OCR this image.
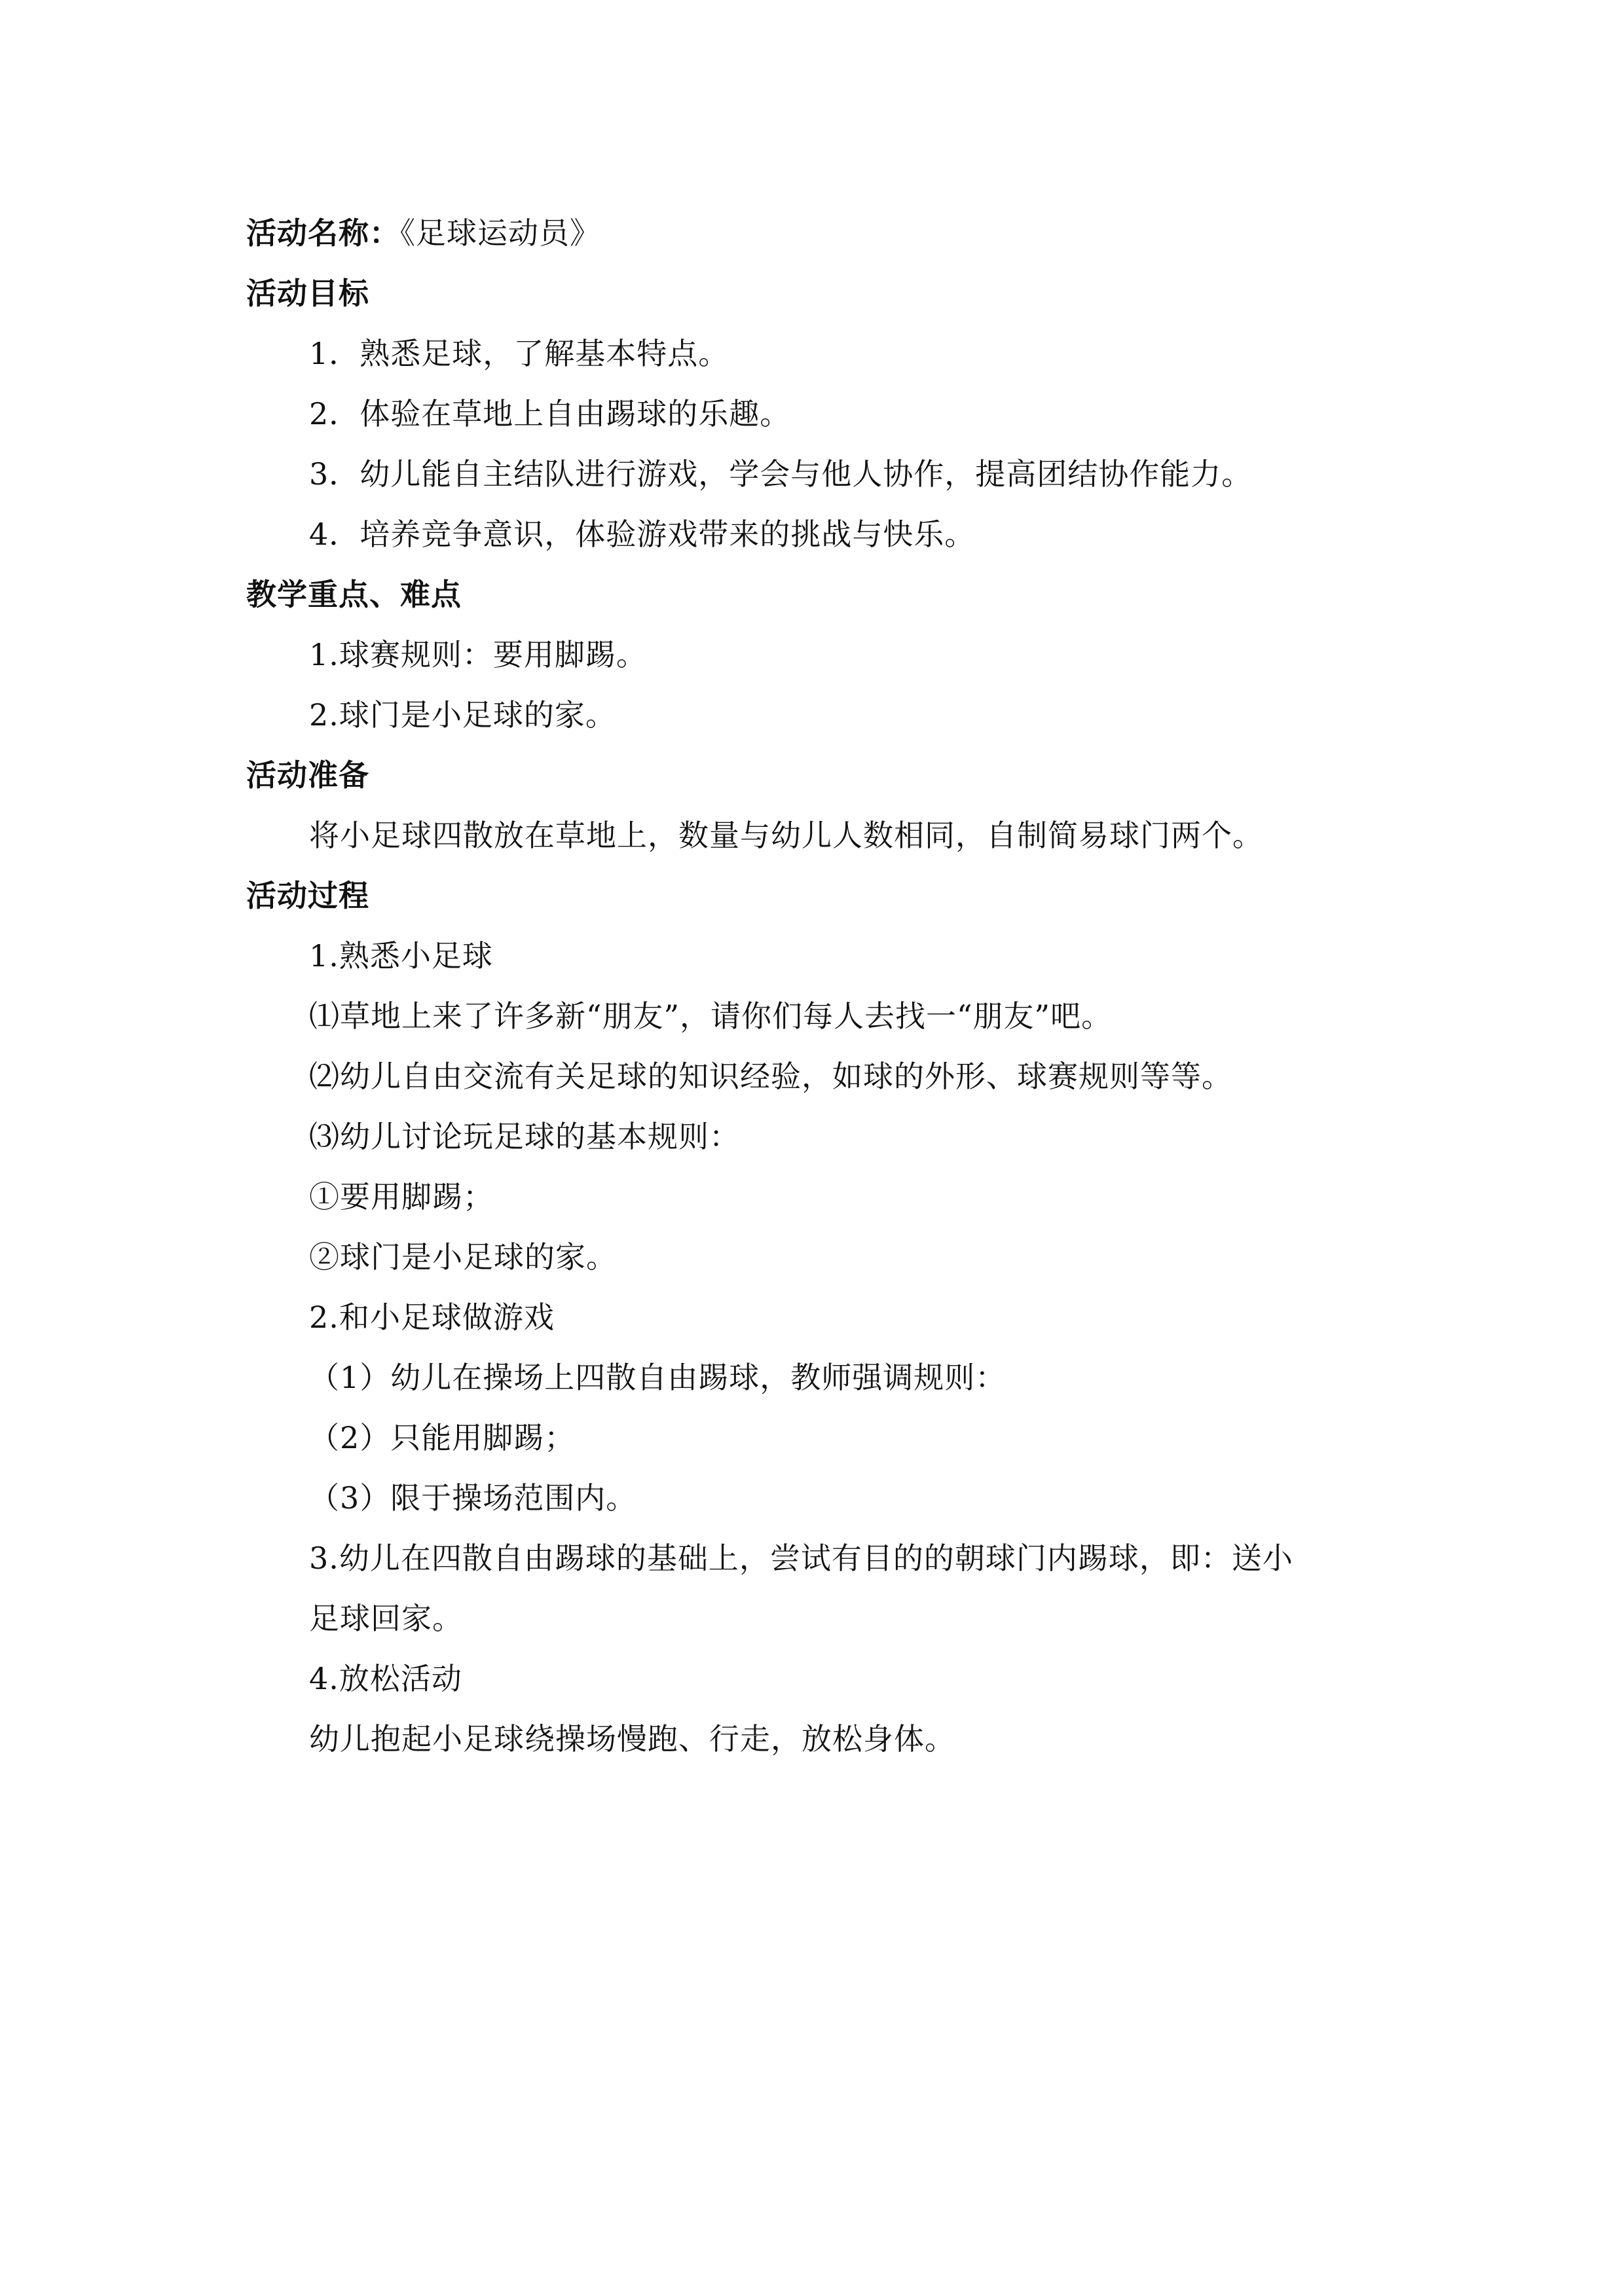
活动名称：《足球运动员》
活动目标
1．熟悉足球，了解基本特点。
2．体验在草地上自由踢球的乐趣。
3．幼儿能自主结队进行游戏，学会与他人协作，提高团结协作能力。
4．培养竞争意识，体验游戏带来的挑战与快乐。
教学重点、难点
1.球赛规则：要用脚踢。
2.球门是小足球的家。
活动准备
将小足球四散放在草地上，数量与幼儿人数相同，自制简易球门两个。
活动过程
1.熟悉小足球
⑴草地上来了许多新“朋友”，请你们每人去找一“朋友”吧。
⑵幼儿自由交流有关足球的知识经验，如球的外形、球赛规则等等。
⑶幼儿讨论玩足球的基本规则：
①要用脚踢；
②球门是小足球的家。
2.和小足球做游戏
（1）幼儿在操场上四散自由踢球，教师强调规则：
（2）只能用脚踢；
（3）限于操场范围内。
3.幼儿在四散自由踢球的基础上，尝试有目的的朝球门内踢球，即：送小
足球回家。
4.放松活动
幼儿抱起小足球绕操场慢跑、行走，放松身体。
